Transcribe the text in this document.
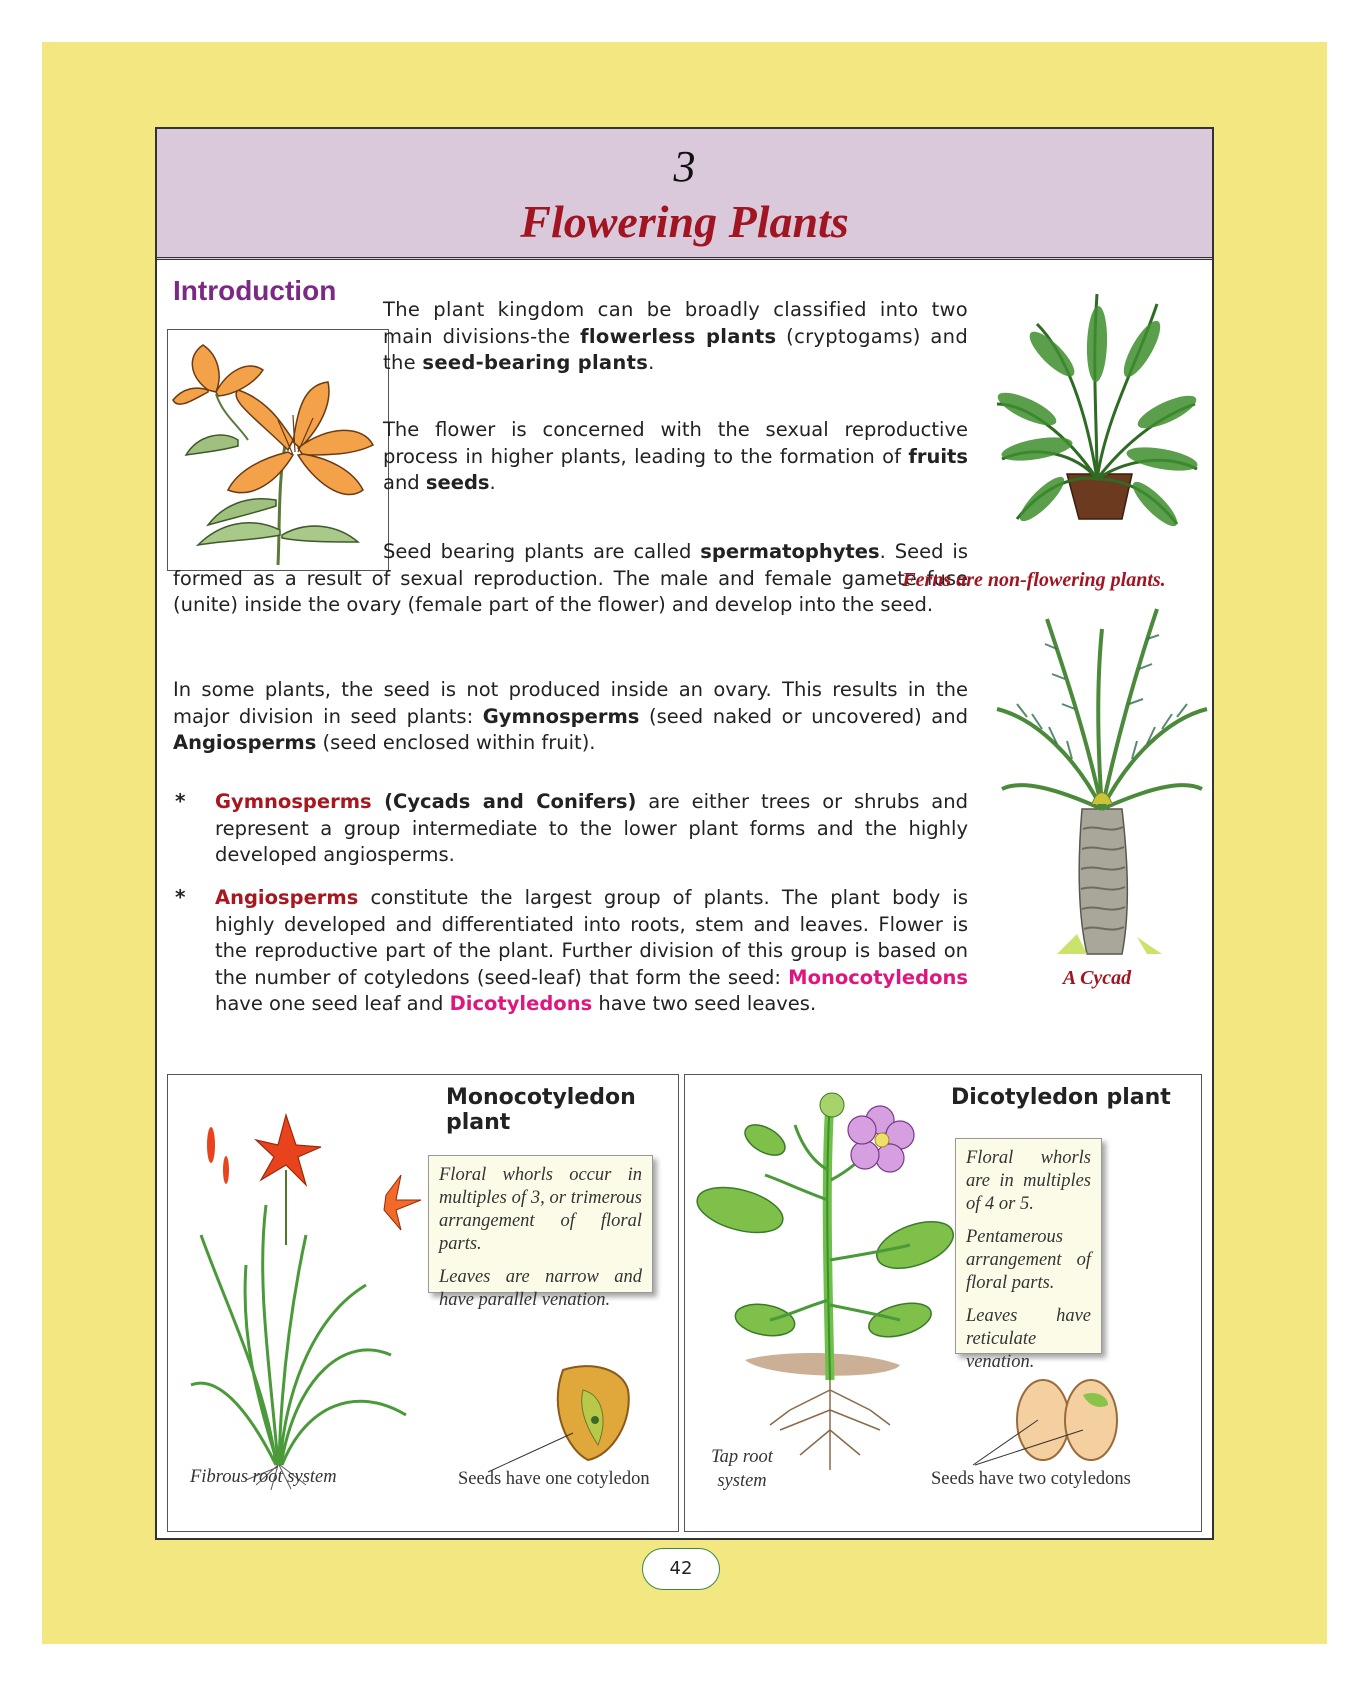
3
Flowering Plants
Introduction

The plant kingdom can be broadly classified into two main divisions-the flowerless plants (cryptogams) and the seed-bearing plants.

The flower is concerned with the sexual reproductive process in higher plants, leading to the formation of fruits and seeds.

Seed bearing plants are called spermatophytes. Seed is formed as a result of sexual reproduction. The male and female gamete fuse (unite) inside the ovary (female part of the flower) and develop into the seed.

In some plants, the seed is not produced inside an ovary. This results in the major division in seed plants: Gymnosperms (seed naked or uncovered) and Angiosperms (seed enclosed within fruit).

* Gymnosperms (Cycads and Conifers) are either trees or shrubs and represent a group intermediate to the lower plant forms and the highly developed angiosperms.

* Angiosperms constitute the largest group of plants. The plant body is highly developed and differentiated into roots, stem and leaves. Flower is the reproductive part of the plant. Further division of this group is based on the number of cotyledons (seed-leaf) that form the seed: Monocotyledons have one seed leaf and Dicotyledons have two seed leaves.

Ferns are non-flowering plants.
A Cycad
Monocotyledon plant

Floral whorls occur in multiples of 3, or trimerous arrangement of floral parts.

Leaves are narrow and have parallel venation.

Fibrous root system	Seeds have one cotyledon
Dicotyledon plant

Floral whorls are in multiples of 4 or 5.

Pentamerous arrangement of floral parts.

Leaves have reticulate venation.

Tap root
system	Seeds have two cotyledons
42
